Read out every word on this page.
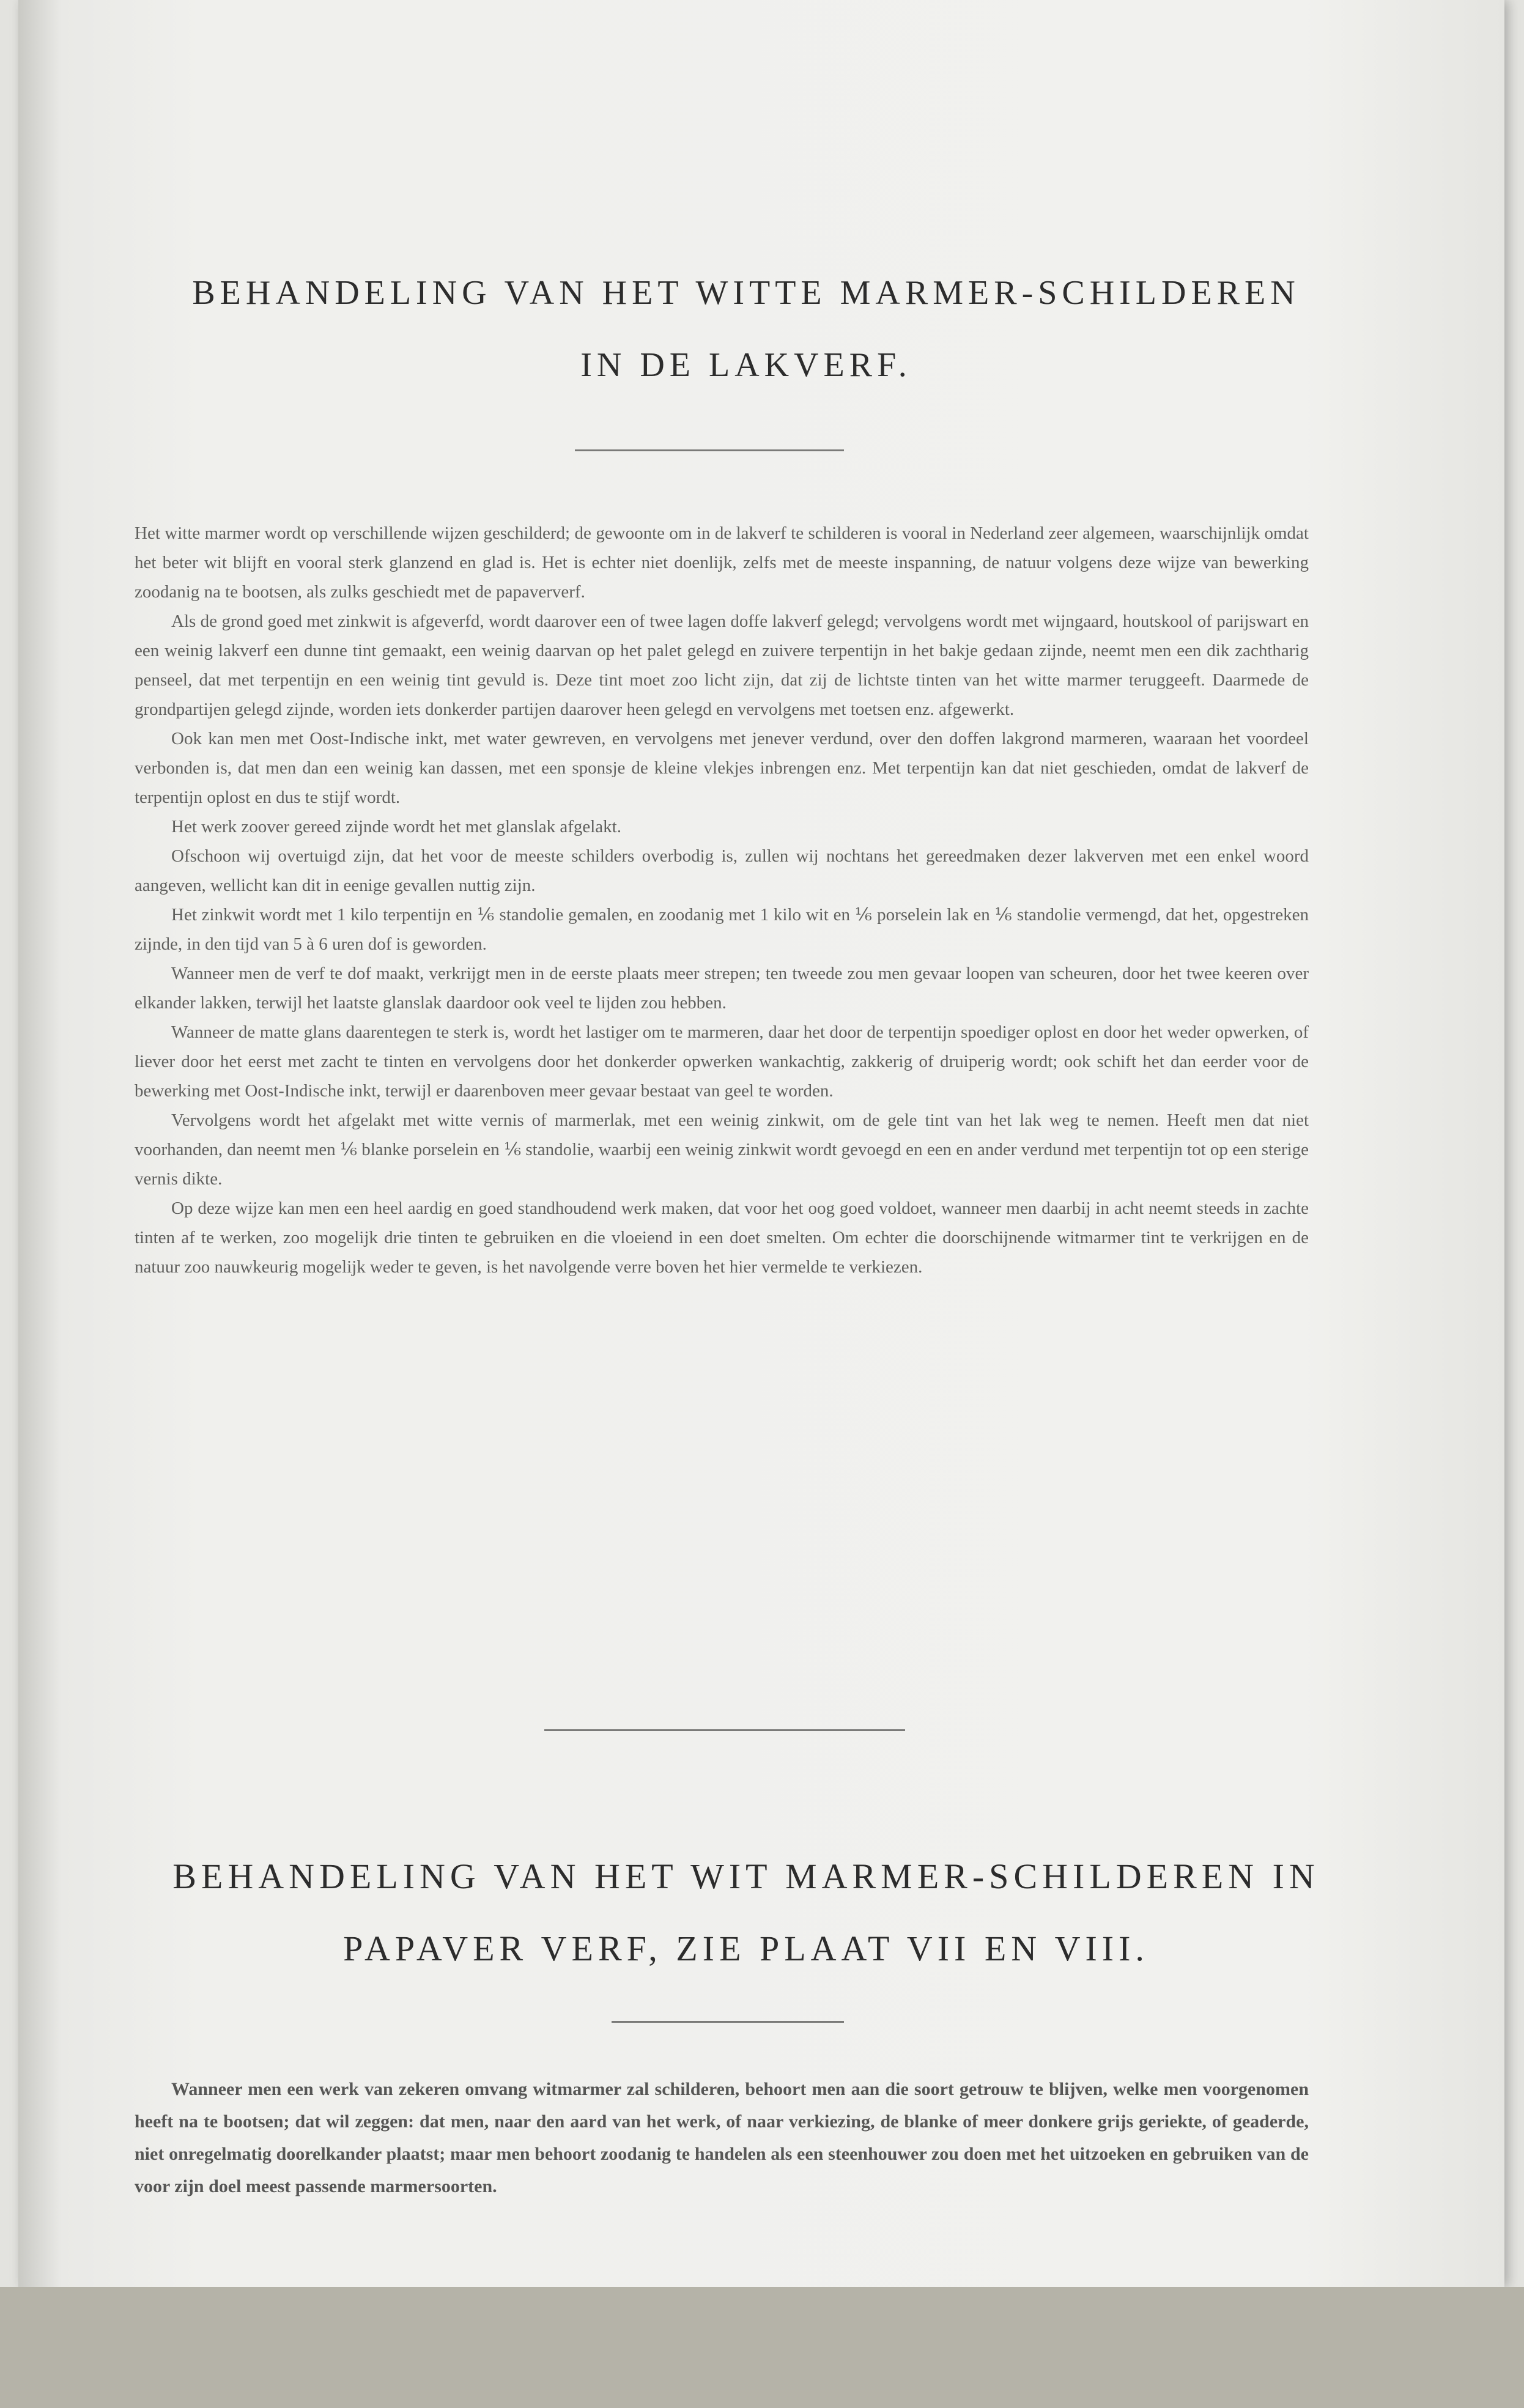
BEHANDELING VAN HET WITTE MARMER-SCHILDEREN
IN DE LAKVERF.

Het witte marmer wordt op verschillende wijzen geschilderd; de gewoonte om in de lakverf te schilderen is vooral in Nederland zeer algemeen, waarschijnlijk omdat het beter wit blijft en vooral sterk glanzend en glad is. Het is echter niet doenlijk, zelfs met de meeste inspanning, de natuur volgens deze wijze van bewerking zoodanig na te bootsen, als zulks geschiedt met de papaververf.

Als de grond goed met zinkwit is afgeverfd, wordt daarover een of twee lagen doffe lakverf gelegd; vervolgens wordt met wijngaard, houtskool of parijswart en een weinig lakverf een dunne tint gemaakt, een weinig daarvan op het palet gelegd en zuivere terpentijn in het bakje gedaan zijnde, neemt men een dik zachtharig penseel, dat met terpentijn en een weinig tint gevuld is. Deze tint moet zoo licht zijn, dat zij de lichtste tinten van het witte marmer teruggeeft. Daarmede de grondpartijen gelegd zijnde, worden iets donkerder partijen daarover heen gelegd en vervolgens met toetsen enz. afgewerkt.

Ook kan men met Oost-Indische inkt, met water gewreven, en vervolgens met jenever verdund, over den doffen lakgrond marmeren, waaraan het voordeel verbonden is, dat men dan een weinig kan dassen, met een sponsje de kleine vlekjes inbrengen enz. Met terpentijn kan dat niet geschieden, omdat de lakverf de terpentijn oplost en dus te stijf wordt.

Het werk zoover gereed zijnde wordt het met glanslak afgelakt.

Ofschoon wij overtuigd zijn, dat het voor de meeste schilders overbodig is, zullen wij nochtans het gereedmaken dezer lakverven met een enkel woord aangeven, wellicht kan dit in eenige gevallen nuttig zijn.

Het zinkwit wordt met 1 kilo terpentijn en ⅙ standolie gemalen, en zoodanig met 1 kilo wit en ⅙ porselein lak en ⅙ standolie vermengd, dat het, opgestreken zijnde, in den tijd van 5 à 6 uren dof is geworden.

Wanneer men de verf te dof maakt, verkrijgt men in de eerste plaats meer strepen; ten tweede zou men gevaar loopen van scheuren, door het twee keeren over elkander lakken, terwijl het laatste glanslak daardoor ook veel te lijden zou hebben.

Wanneer de matte glans daarentegen te sterk is, wordt het lastiger om te marmeren, daar het door de terpentijn spoediger oplost en door het weder opwerken, of liever door het eerst met zacht te tinten en vervolgens door het donkerder opwerken wankachtig, zakkerig of druiperig wordt; ook schift het dan eerder voor de bewerking met Oost-Indische inkt, terwijl er daarenboven meer gevaar bestaat van geel te worden.

Vervolgens wordt het afgelakt met witte vernis of marmerlak, met een weinig zinkwit, om de gele tint van het lak weg te nemen. Heeft men dat niet voorhanden, dan neemt men ⅙ blanke porselein en ⅙ standolie, waarbij een weinig zinkwit wordt gevoegd en een en ander verdund met terpentijn tot op een sterige vernis dikte.

Op deze wijze kan men een heel aardig en goed standhoudend werk maken, dat voor het oog goed voldoet, wanneer men daarbij in acht neemt steeds in zachte tinten af te werken, zoo mogelijk drie tinten te gebruiken en die vloeiend in een doet smelten. Om echter die doorschijnende witmarmer tint te verkrijgen en de natuur zoo nauwkeurig mogelijk weder te geven, is het navolgende verre boven het hier vermelde te verkiezen.

BEHANDELING VAN HET WIT MARMER-SCHILDEREN IN
PAPAVER VERF, ZIE PLAAT VII EN VIII.

Wanneer men een werk van zekeren omvang witmarmer zal schilderen, behoort men aan die soort getrouw te blijven, welke men voorgenomen heeft na te bootsen; dat wil zeggen: dat men, naar den aard van het werk, of naar verkiezing, de blanke of meer donkere grijs geriekte, of geaderde, niet onregelmatig doorelkander plaatst; maar men behoort zoodanig te handelen als een steenhouwer zou doen met het uitzoeken en gebruiken van de voor zijn doel meest passende marmersoorten.
